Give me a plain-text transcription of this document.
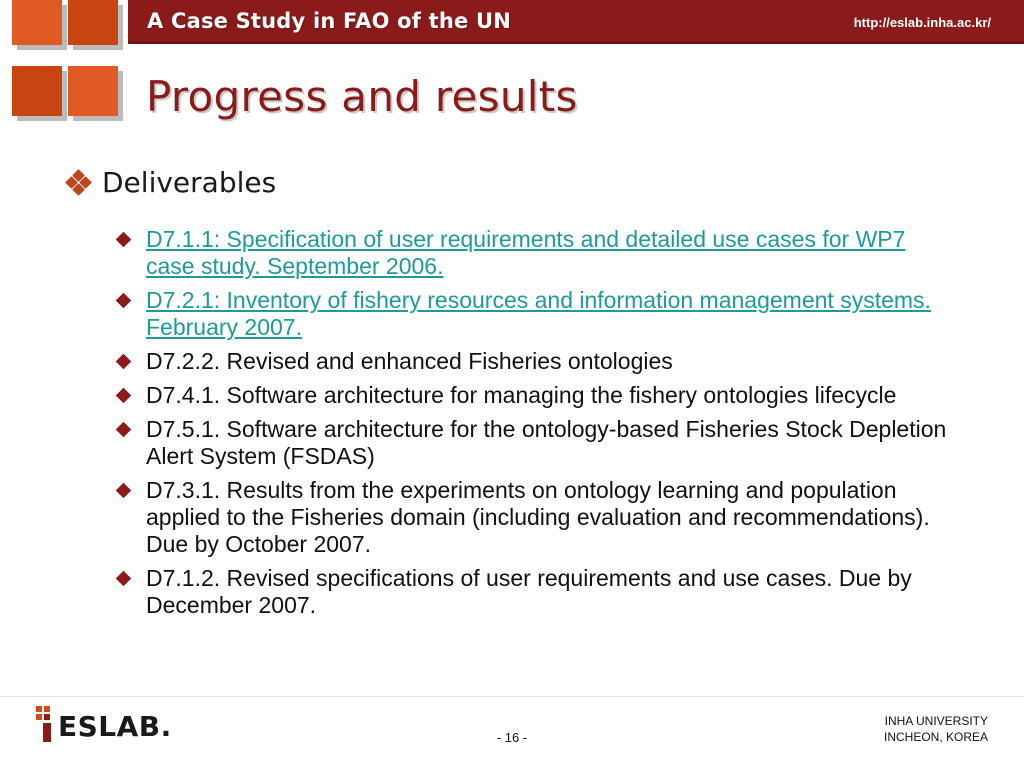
A Case Study in FAO of the UN	http://eslab.inha.ac.kr/
Progress and results
Deliverables
D7.1.1: Specification of user requirements and detailed use cases for WP7 case study. September 2006.
D7.2.1: Inventory of fishery resources and information management systems. February 2007.
D7.2.2. Revised and enhanced Fisheries ontologies
D7.4.1. Software architecture for managing the fishery ontologies lifecycle
D7.5.1. Software architecture for the ontology-based Fisheries Stock Depletion Alert System (FSDAS)
D7.3.1. Results from the experiments on ontology learning and population applied to the Fisheries domain (including evaluation and recommendations). Due by October 2007.
D7.1.2. Revised specifications of user requirements and use cases. Due by December 2007.
ESLAB.	- 16 -
INHA UNIVERSITY
INCHEON, KOREA
